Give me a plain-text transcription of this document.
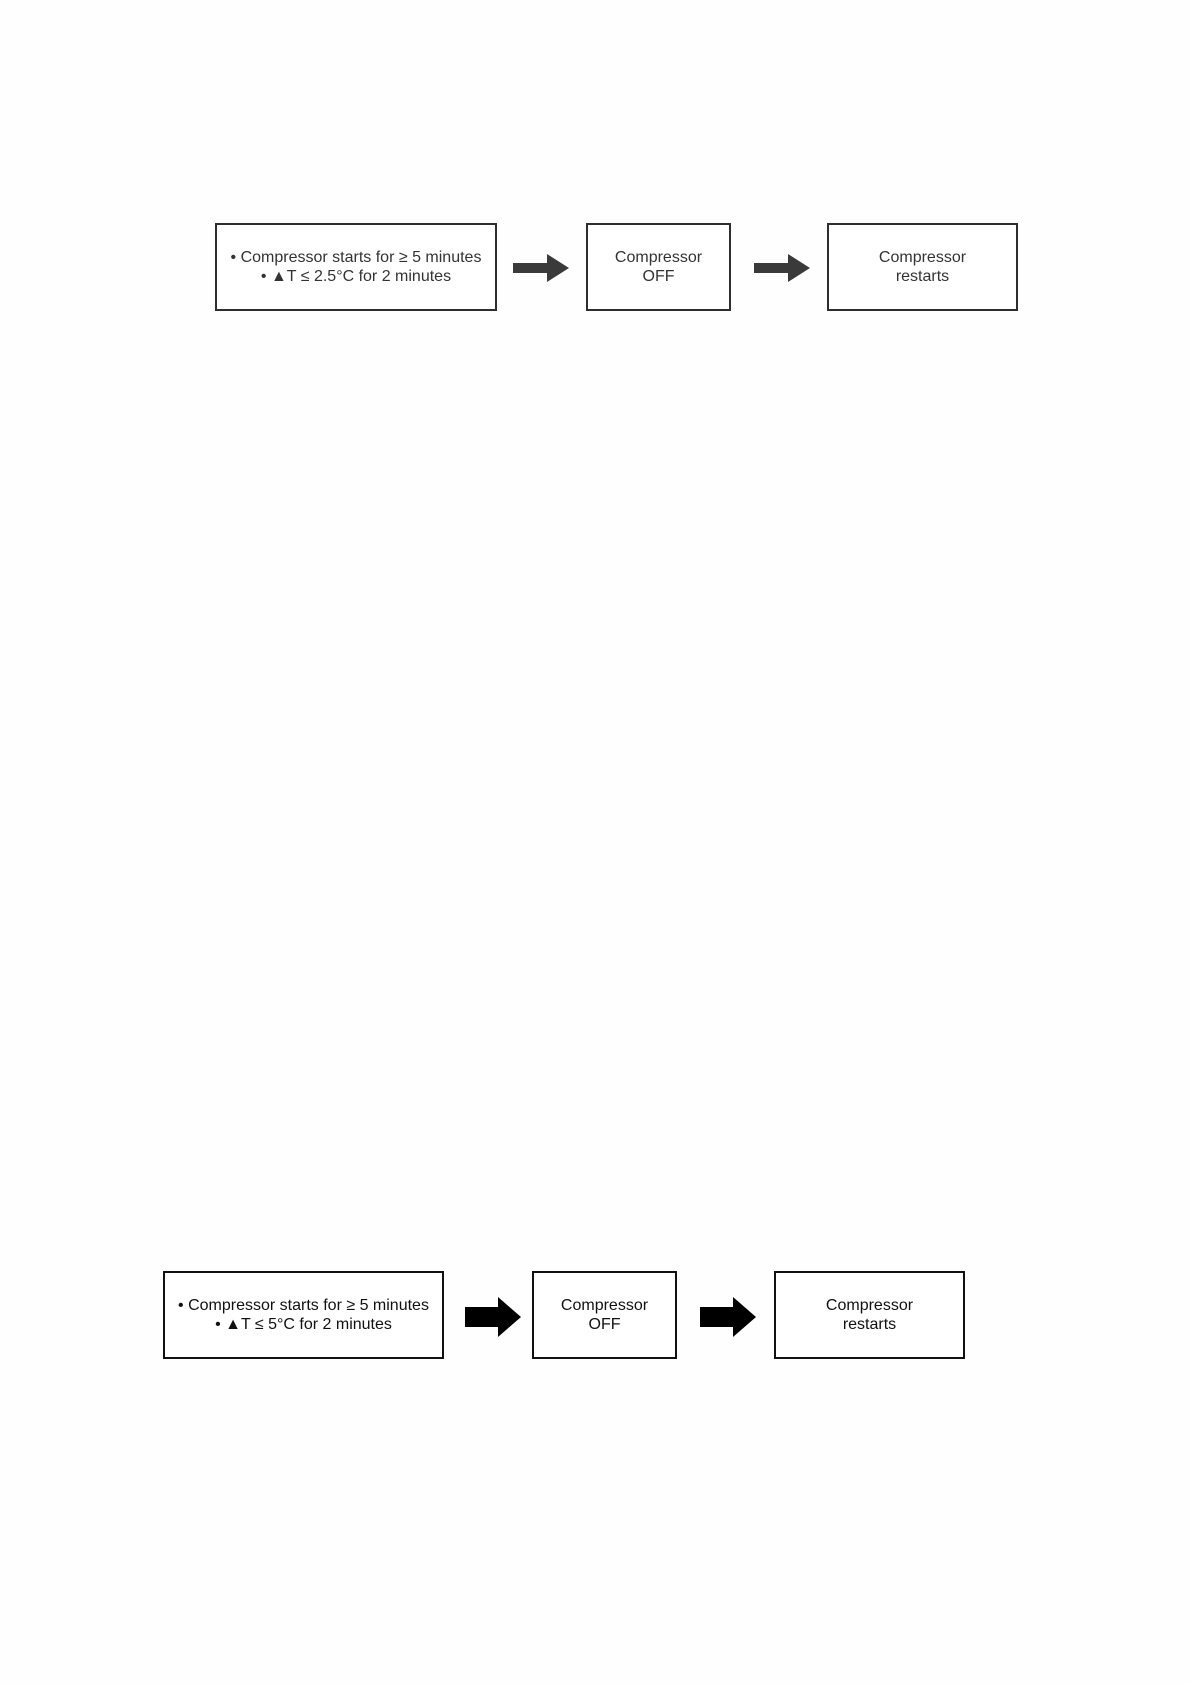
• Compressor starts for ≥ 5 minutes
• ▲T ≤ 2.5°C for 2 minutes
Compressor
OFF
Compressor
restarts
• Compressor starts for ≥ 5 minutes
• ▲T ≤ 5°C for 2 minutes
Compressor
OFF
Compressor
restarts
